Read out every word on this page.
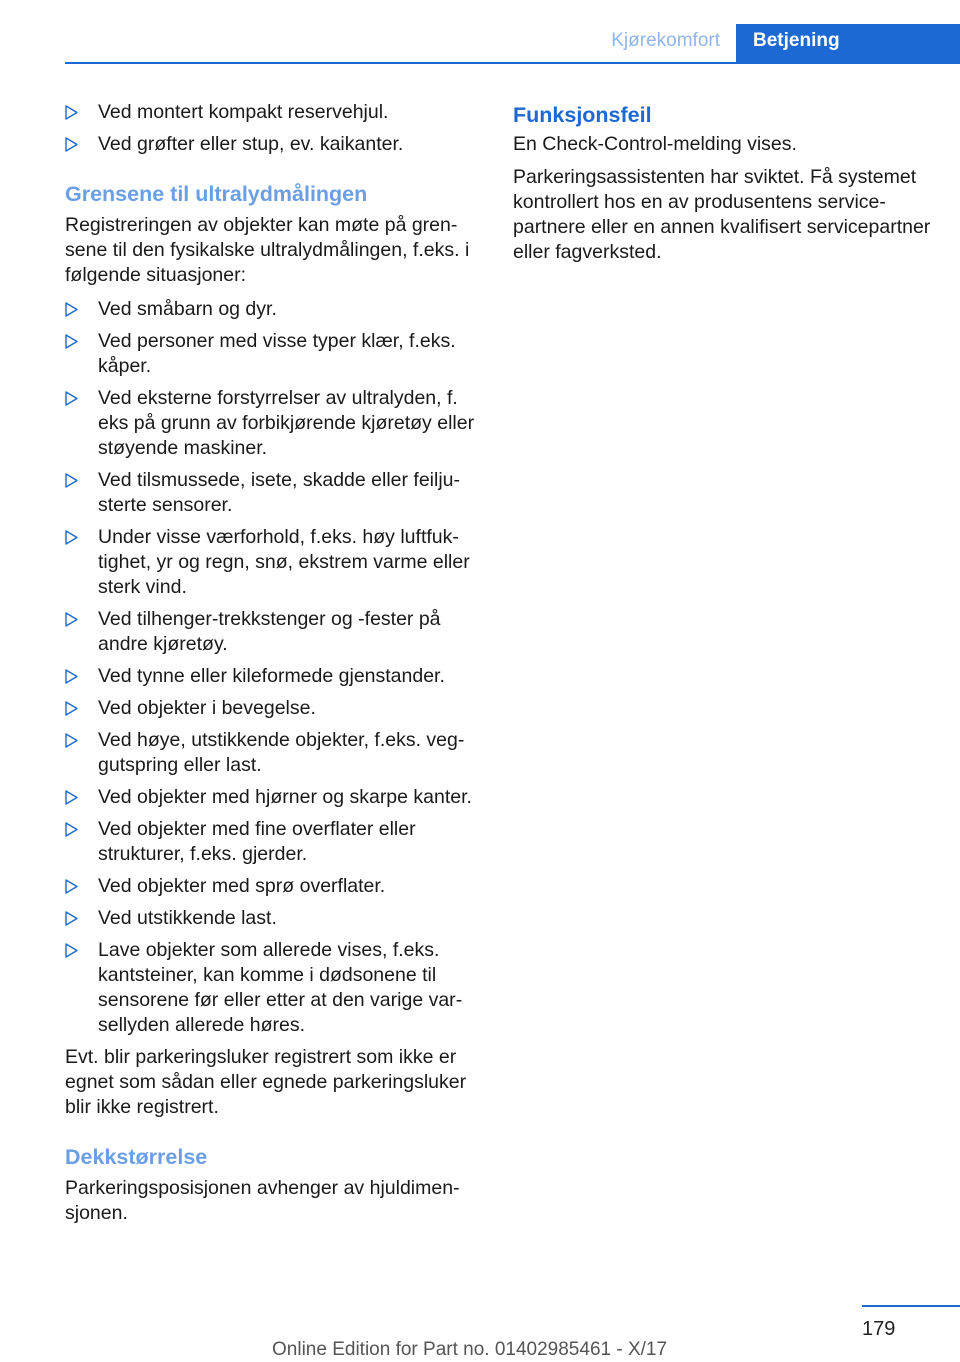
Kjørekomfort	Betjening
Ved montert kompakt reservehjul.
Ved grøfter eller stup, ev. kaikanter.
Grensene til ultralydmålingen

Registreringen av objekter kan møte på grensene til den fysikalske ultralydmålingen, f.eks. i følgende situasjoner:

Ved småbarn og dyr.
Ved personer med visse typer klær, f.eks. kåper.
Ved eksterne forstyrrelser av ultralyden, f. eks på grunn av forbikjørende kjøretøy eller støyende maskiner.
Ved tilsmussede, isete, skadde eller feiljusterte sensorer.
Under visse værforhold, f.eks. høy luftfuktighet, yr og regn, snø, ekstrem varme eller sterk vind.
Ved tilhenger-trekkstenger og -fester på andre kjøretøy.
Ved tynne eller kileformede gjenstander.
Ved objekter i bevegelse.
Ved høye, utstikkende objekter, f.eks. veggutspring eller last.
Ved objekter med hjørner og skarpe kanter.
Ved objekter med fine overflater eller strukturer, f.eks. gjerder.
Ved objekter med sprø overflater.
Ved utstikkende last.
Lave objekter som allerede vises, f.eks. kantsteiner, kan komme i dødsonene til sensorene før eller etter at den varige varsellyden allerede høres.

Evt. blir parkeringsluker registrert som ikke er egnet som sådan eller egnede parkeringsluker blir ikke registrert.

Dekkstørrelse

Parkeringsposisjonen avhenger av hjuldimensjonen.

Funksjonsfeil

En Check-Control-melding vises.

Parkeringsassistenten har sviktet. Få systemet kontrollert hos en av produsentens servicepartnere eller en annen kvalifisert servicepartner eller fagverksted.

179
Online Edition for Part no. 01402985461 - X/17
